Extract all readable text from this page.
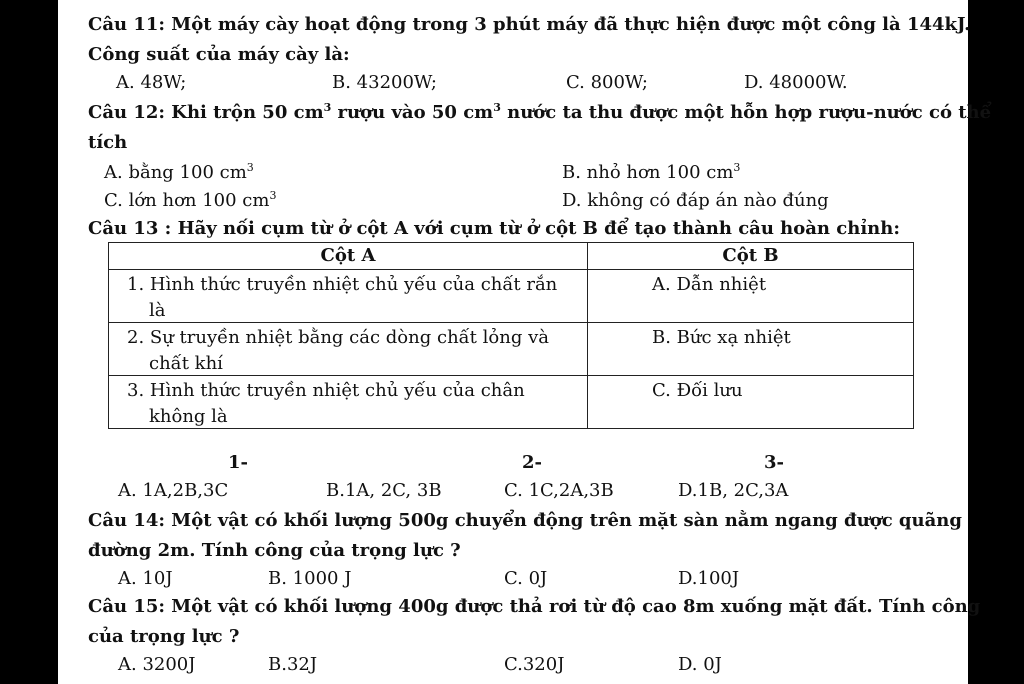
Câu 11: Một máy cày hoạt động trong 3 phút máy đã thực hiện được một công là 144kJ.
Công suất của máy cày là:
A. 48W;	B. 43200W;	C. 800W;	D. 48000W.
Câu 12: Khi trộn 50 $cm^3$ rượu vào 50 $cm^3$ nước ta thu được một hỗn hợp rượu-nước có thể
tích
A. bằng 100 $cm^3$	B. nhỏ hơn 100 $cm^3$
C. lớn hơn 100 $cm^3$	D. không có đáp án nào đúng
Câu 13 : Hãy nối cụm từ ở cột A với cụm từ ở cột B để tạo thành câu hoàn chỉnh:
Cột A	Cột B

1. Hình thức truyền nhiệt chủ yếu của chất rắn là	A. Dẫn nhiệt

2. Sự truyền nhiệt bằng các dòng chất lỏng và chất khí	B. Bức xạ nhiệt

3. Hình thức truyền nhiệt chủ yếu của chân không là	C. Đối lưu
1-	2-	3-
A. 1A,2B,3C	B.1A, 2C, 3B	C. 1C,2A,3B	D.1B, 2C,3A
Câu 14: Một vật có khối lượng 500g chuyển động trên mặt sàn nằm ngang được quãng
đường 2m. Tính công của trọng lực ?
A. 10J	B. 1000 J	C. 0J	D.100J
Câu 15: Một vật có khối lượng 400g được thả rơi từ độ cao 8m xuống mặt đất. Tính công
của trọng lực ?
A. 3200J	B.32J	C.320J	D. 0J
